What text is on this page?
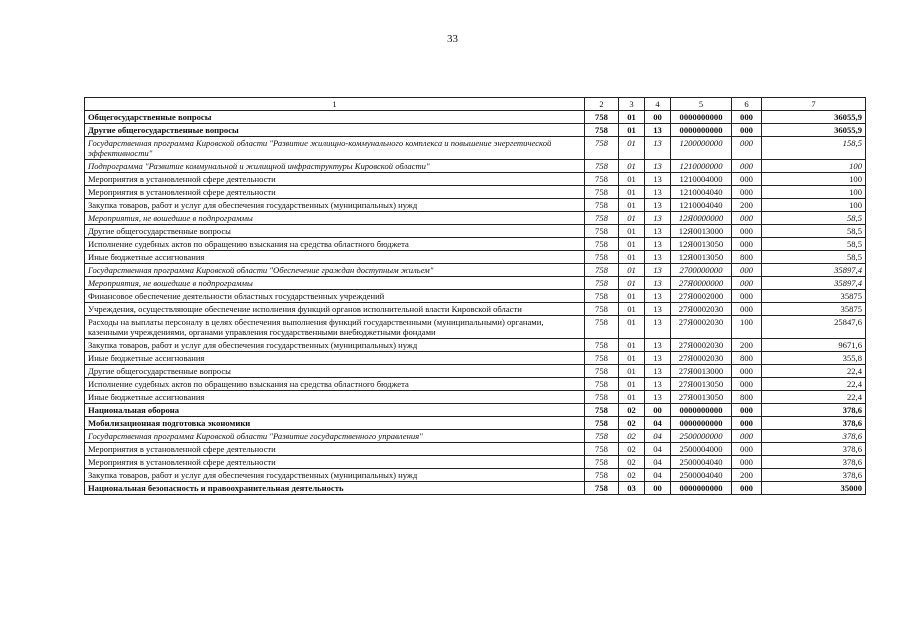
33
1	2	3	4	5	6	7
Общегосударственные вопросы	758	01	00	0000000000	000	36055,9
Другие общегосударственные вопросы	758	01	13	0000000000	000	36055,9
Государственная программа Кировской области "Развитие жилищно-коммунального комплекса и повышение энергетической эффективности"	758	01	13	1200000000	000	158,5
Подпрограмма "Развитие коммунальной и жилищной инфраструктуры Кировской области"	758	01	13	1210000000	000	100
Мероприятия в установленной сфере деятельности	758	01	13	1210004000	000	100
Мероприятия в установленной сфере деятельности	758	01	13	1210004040	000	100
Закупка товаров, работ и услуг для обеспечения государственных (муниципальных) нужд	758	01	13	1210004040	200	100
Мероприятия, не вошедшие в подпрограммы	758	01	13	12Я0000000	000	58,5
Другие общегосударственные вопросы	758	01	13	12Я0013000	000	58,5
Исполнение судебных актов по обращению взыскания на средства областного бюджета	758	01	13	12Я0013050	000	58,5
Иные бюджетные ассигнования	758	01	13	12Я0013050	800	58,5
Государственная программа Кировской области "Обеспечение граждан доступным жильем"	758	01	13	2700000000	000	35897,4
Мероприятия, не вошедшие в подпрограммы	758	01	13	27Я0000000	000	35897,4
Финансовое обеспечение деятельности областных государственных учреждений	758	01	13	27Я0002000	000	35875
Учреждения, осуществляющие обеспечение исполнения функций органов исполнительной власти Кировской области	758	01	13	27Я0002030	000	35875
Расходы на выплаты персоналу в целях обеспечения выполнения функций государственными (муниципальными) органами, казенными учреждениями, органами управления государственными внебюджетными фондами	758	01	13	27Я0002030	100	25847,6
Закупка товаров, работ и услуг для обеспечения государственных (муниципальных) нужд	758	01	13	27Я0002030	200	9671,6
Иные бюджетные ассигнования	758	01	13	27Я0002030	800	355,8
Другие общегосударственные вопросы	758	01	13	27Я0013000	000	22,4
Исполнение судебных актов по обращению взыскания на средства областного бюджета	758	01	13	27Я0013050	000	22,4
Иные бюджетные ассигнования	758	01	13	27Я0013050	800	22,4
Национальная оборона	758	02	00	0000000000	000	378,6
Мобилизационная подготовка экономики	758	02	04	0000000000	000	378,6
Государственная программа Кировской области "Развитие государственного управления"	758	02	04	2500000000	000	378,6
Мероприятия в установленной сфере деятельности	758	02	04	2500004000	000	378,6
Мероприятия в установленной сфере деятельности	758	02	04	2500004040	000	378,6
Закупка товаров, работ и услуг для обеспечения государственных (муниципальных) нужд	758	02	04	2500004040	200	378,6
Национальная безопасность и правоохранительная деятельность	758	03	00	0000000000	000	35000
